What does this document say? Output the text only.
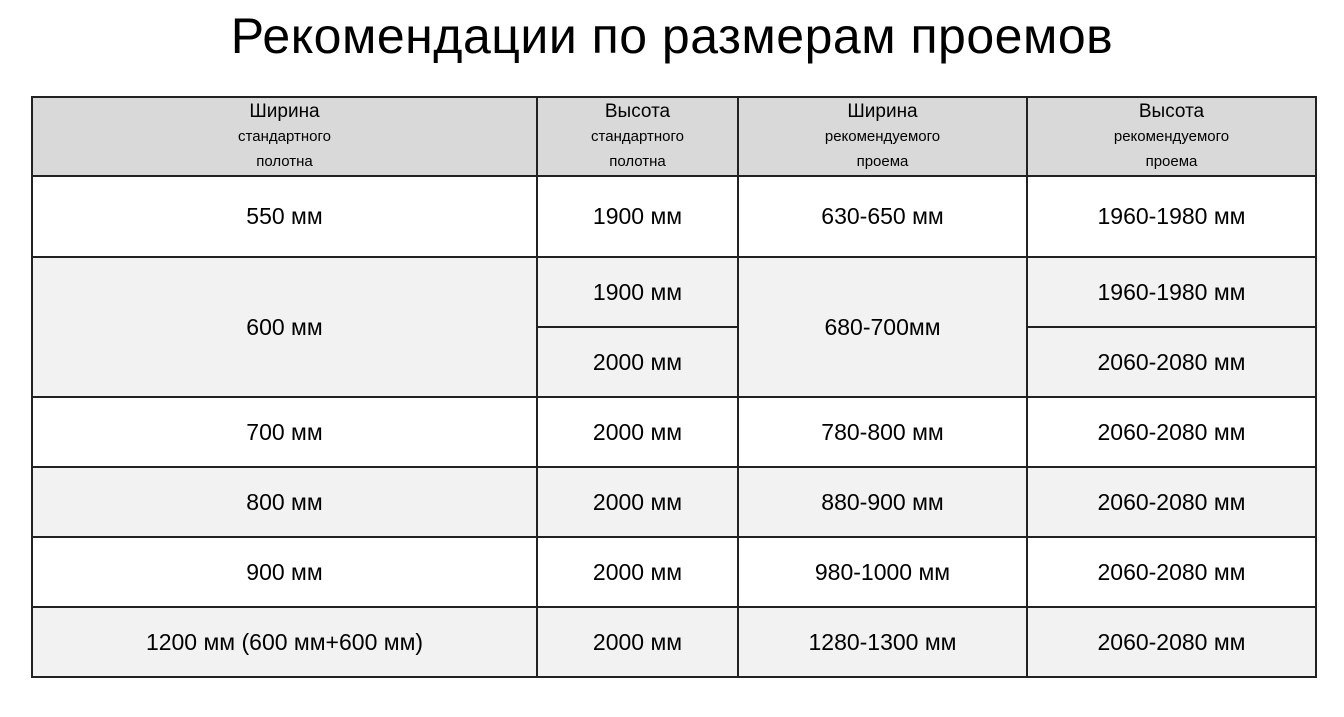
Рекомендации по размерам проемов
Ширина
стандартного
полотна	Высота
стандартного
полотна	Ширина
рекомендуемого
проема	Высота
рекомендуемого
проема

550 мм	1900 мм	630-650 мм	1960-1980 мм
600 мм	1900 мм	680-700мм	1960-1980 мм
	2000 мм		2060-2080 мм
700 мм	2000 мм	780-800 мм	2060-2080 мм
800 мм	2000 мм	880-900 мм	2060-2080 мм
900 мм	2000 мм	980-1000 мм	2060-2080 мм
1200 мм (600 мм+600 мм)	2000 мм	1280-1300 мм	2060-2080 мм
